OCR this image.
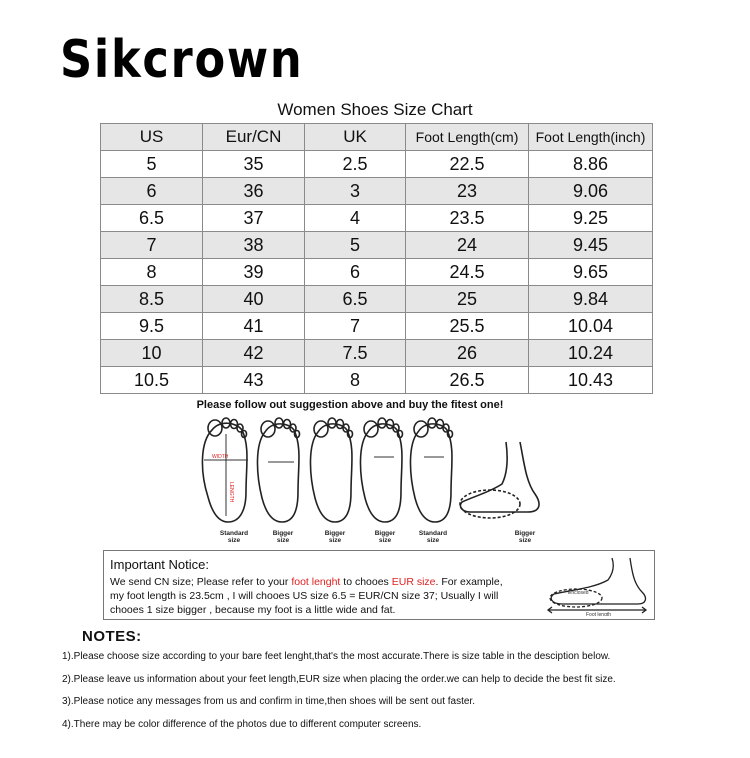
Sikcrown
Women Shoes Size Chart
US	Eur/CN	UK	Foot Length(cm)	Foot Length(inch)
5	35	2.5	22.5	8.86
6	36	3	23	9.06
6.5	37	4	23.5	9.25
7	38	5	24	9.45
8	39	6	24.5	9.65
8.5	40	6.5	25	9.84
9.5	41	7	25.5	10.04
10	42	7.5	26	10.24
10.5	43	8	26.5	10.43
Please follow out suggestion above and buy the fitest one!
WIDTH
LENGTH
Standard
size
Bigger
size
Bigger
size
Bigger
size
Standard
size
Bigger
size
Important Notice:
We send CN size; Please refer to your foot lenght to chooes EUR size. For example,
my foot length is 23.5cm , I will chooes US size 6.5 = EUR/CN size 37; Usually I will
chooes 1 size bigger , because my foot is a little wide and fat.
Enclosed
Foot length
NOTES:
1).Please choose size according to your bare feet lenght,that's the most accurate.There is size table in the desciption below.
2).Please leave us information about your feet length,EUR size when placing the order.we can help to decide the best fit size.
3).Please notice any messages from us and confirm in time,then shoes will be sent out faster.
4).There may be color difference of the photos due to different computer screens.
